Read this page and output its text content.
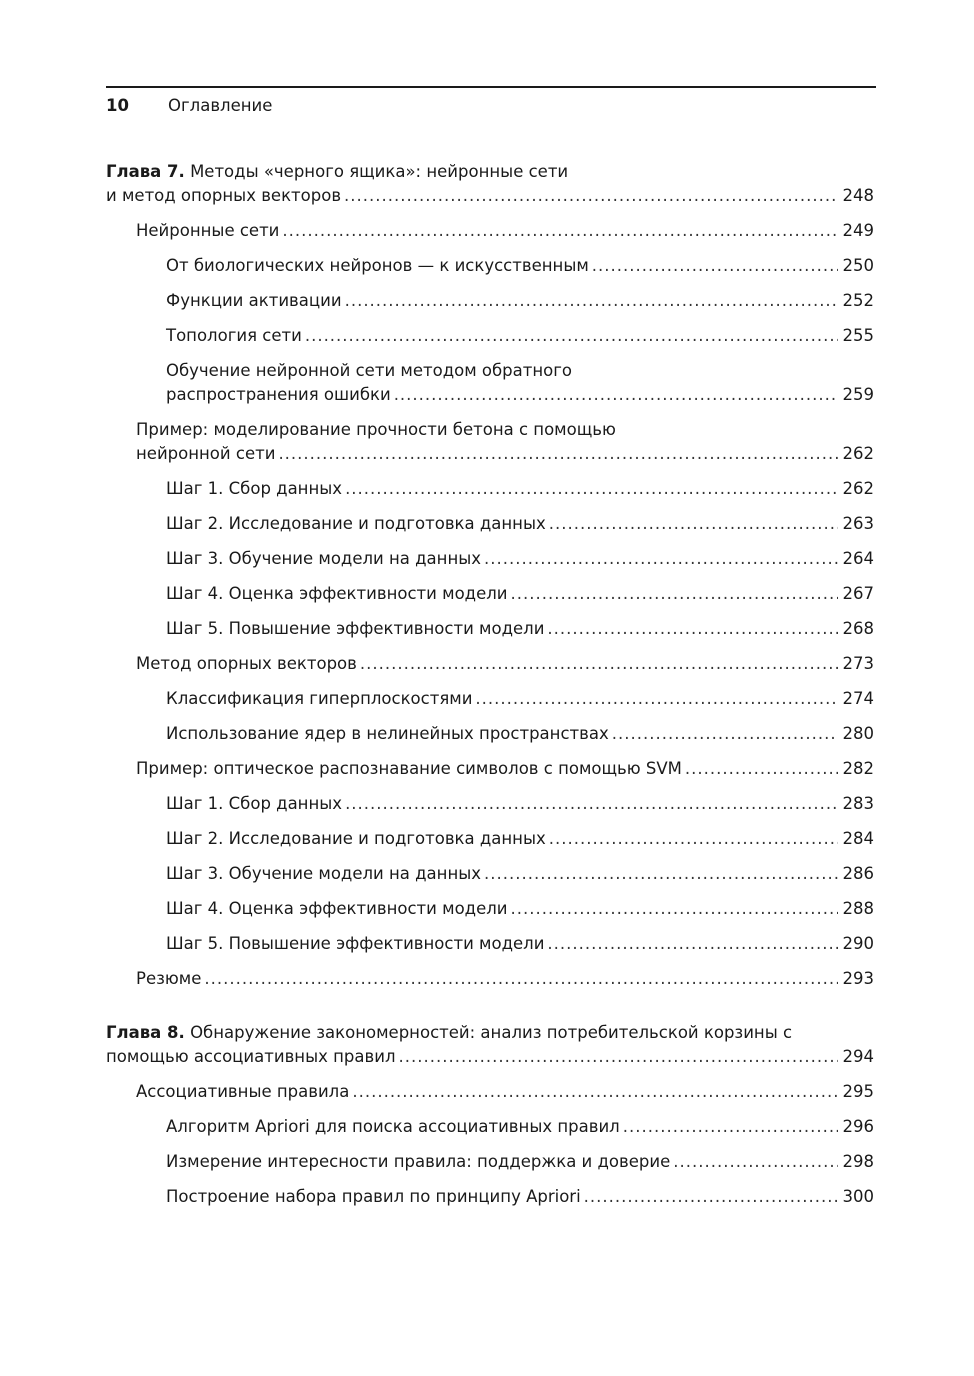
10 Оглавление
Глава 7. Методы «черного ящика»: нейронные сети
и метод опорных векторов .....	248
Нейронные сети .....	249
От биологических нейронов — к искусственным .....	250
Функции активации .....	252
Топология сети .....	255
Обучение нейронной сети методом обратного
распространения ошибки .....	259
Пример: моделирование прочности бетона с помощью
нейронной сети .....	262
Шаг 1. Сбор данных .....	262
Шаг 2. Исследование и подготовка данных .....	263
Шаг 3. Обучение модели на данных .....	264
Шаг 4. Оценка эффективности модели .....	267
Шаг 5. Повышение эффективности модели .....	268
Метод опорных векторов .....	273
Классификация гиперплоскостями .....	274
Использование ядер в нелинейных пространствах .....	280
Пример: оптическое распознавание символов с помощью SVM .....	282
Шаг 1. Сбор данных .....	283
Шаг 2. Исследование и подготовка данных .....	284
Шаг 3. Обучение модели на данных .....	286
Шаг 4. Оценка эффективности модели .....	288
Шаг 5. Повышение эффективности модели .....	290
Резюме .....	293
Глава 8. Обнаружение закономерностей: анализ потребительской корзины с
помощью ассоциативных правил .....	294
Ассоциативные правила .....	295
Алгоритм Apriori для поиска ассоциативных правил .....	296
Измерение интересности правила: поддержка и доверие .....	298
Построение набора правил по принципу Apriori .....	300
